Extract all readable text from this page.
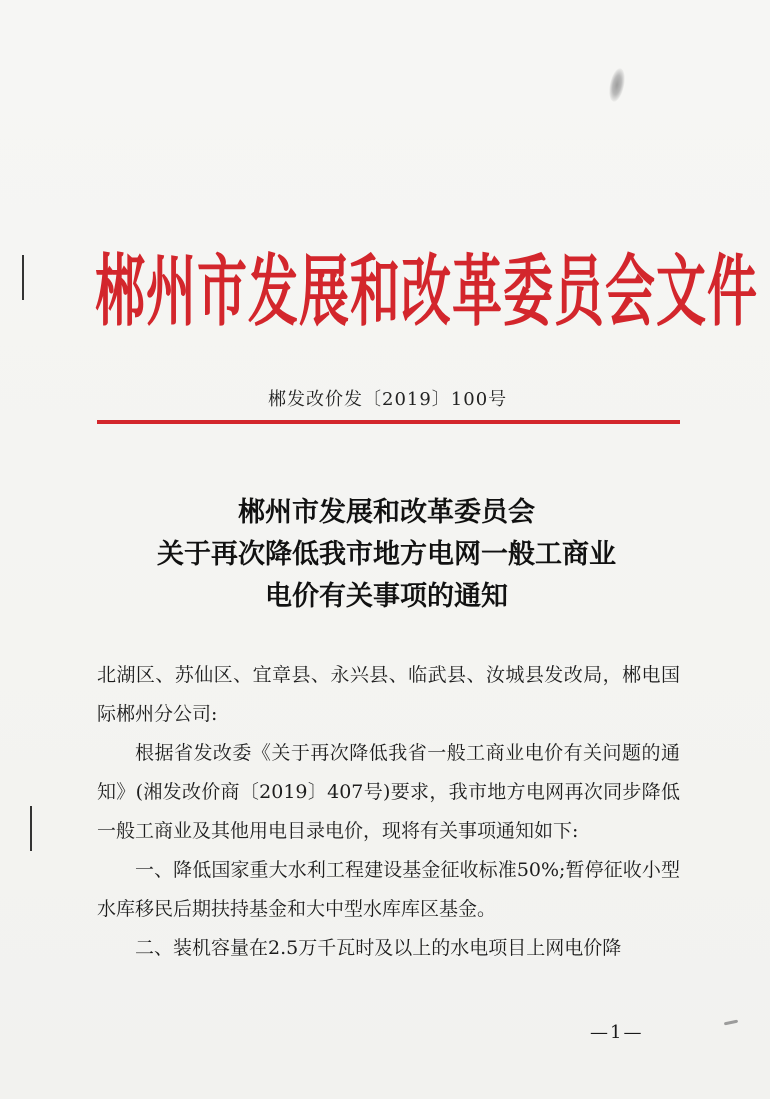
郴州市发展和改革委员会文件
郴发改价发〔2019〕100号
郴州市发展和改革委员会
关于再次降低我市地方电网一般工商业
电价有关事项的通知

北湖区、苏仙区、宜章县、永兴县、临武县、汝城县发改局，郴电国际郴州分公司:

根据省发改委《关于再次降低我省一般工商业电价有关问题的通知》(湘发改价商〔2019〕407号)要求，我市地方电网再次同步降低一般工商业及其他用电目录电价，现将有关事项通知如下:

一、降低国家重大水利工程建设基金征收标准50%;暂停征收小型水库移民后期扶持基金和大中型水库库区基金。

二、装机容量在2.5万千瓦时及以上的水电项目上网电价降

—1—
